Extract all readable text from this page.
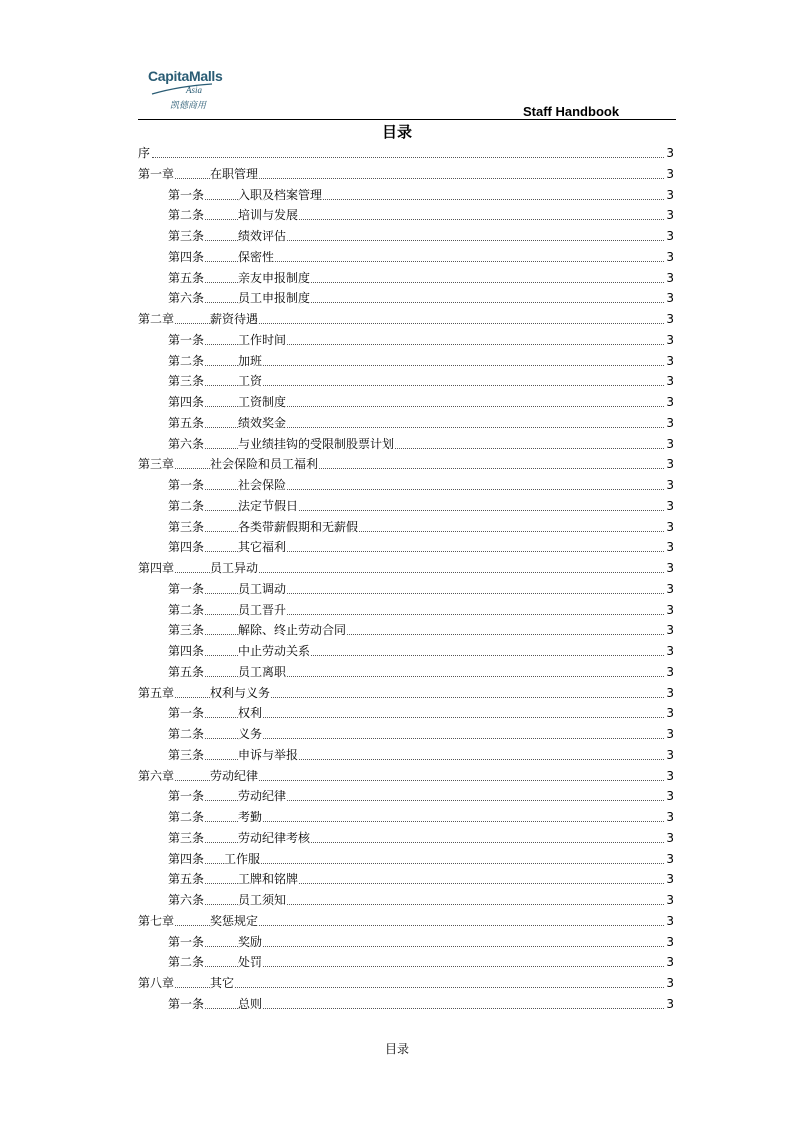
CapitaMalls
Asia
凯德商用	Staff Handbook
目录
序	3
第一章	在职管理	3
第一条	入职及档案管理	3
第二条	培训与发展	3
第三条	绩效评估	3
第四条	保密性	3
第五条	亲友申报制度	3
第六条	员工申报制度	3
第二章	薪资待遇	3
第一条	工作时间	3
第二条	加班	3
第三条	工资	3
第四条	工资制度	3
第五条	绩效奖金	3
第六条	与业绩挂钩的受限制股票计划	3
第三章	社会保险和员工福利	3
第一条	社会保险	3
第二条	法定节假日	3
第三条	各类带薪假期和无薪假	3
第四条	其它福利	3
第四章	员工异动	3
第一条	员工调动	3
第二条	员工晋升	3
第三条	解除、终止劳动合同	3
第四条	中止劳动关系	3
第五条	员工离职	3
第五章	权利与义务	3
第一条	权利	3
第二条	义务	3
第三条	申诉与举报	3
第六章	劳动纪律	3
第一条	劳动纪律	3
第二条	考勤	3
第三条	劳动纪律考核	3
第四条 工作服	3
第五条	工牌和铭牌	3
第六条	员工须知	3
第七章	奖惩规定	3
第一条	奖励	3
第二条	处罚	3
第八章	其它	3
第一条	总则	3
目录
